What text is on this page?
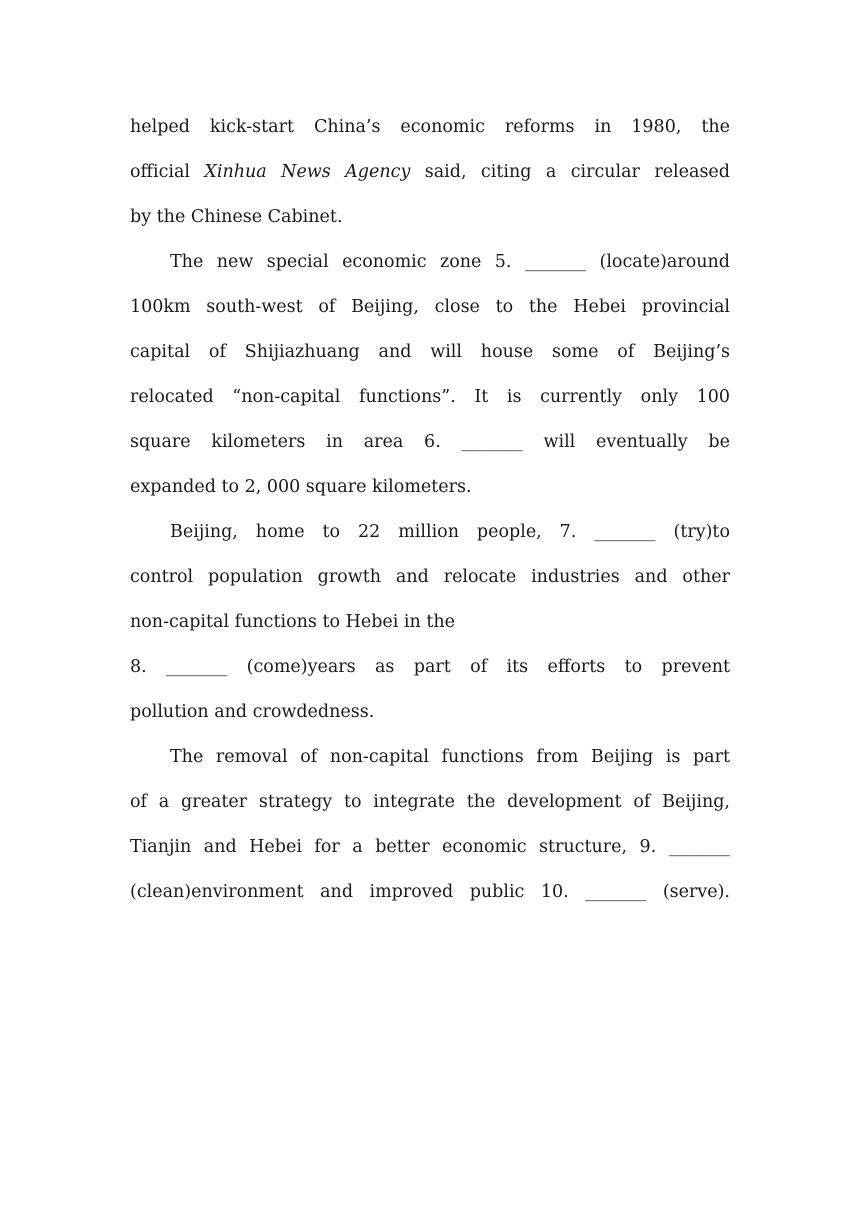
helped kick-start China’s economic reforms in 1980, the
official Xinhua News Agency said, citing a circular released
by the Chinese Cabinet.
The new special economic zone 5. _______ (locate)around
100km south-west of Beijing, close to the Hebei provincial
capital of Shijiazhuang and will house some of Beijing’s
relocated “non-capital functions”. It is currently only 100
square kilometers in area 6. _______ will eventually be
expanded to 2, 000 square kilometers.
Beijing, home to 22 million people, 7. _______ (try)to
control population growth and relocate industries and other
non-capital functions to Hebei in the
8. _______ (come)years as part of its efforts to prevent
pollution and crowdedness.
The removal of non-capital functions from Beijing is part
of a greater strategy to integrate the development of Beijing,
Tianjin and Hebei for a better economic structure, 9. _______
(clean)environment and improved public 10. _______ (serve).
